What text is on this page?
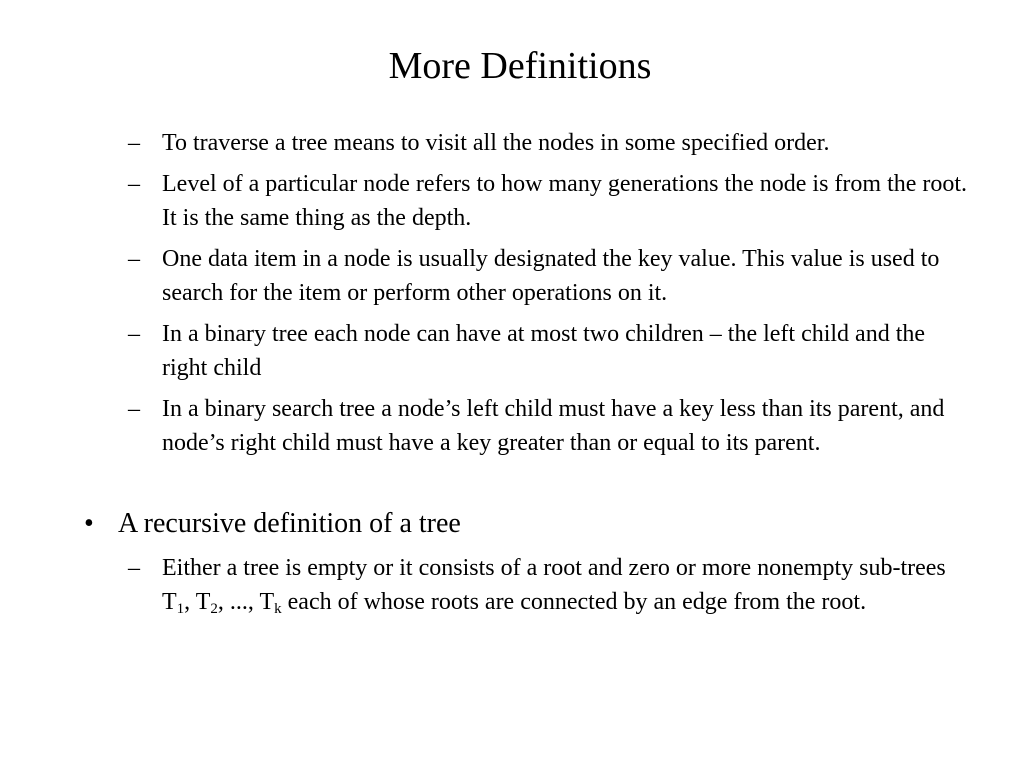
More Definitions
– To traverse a tree means to visit all the nodes in some specified order.
– Level of a particular node refers to how many generations the node is from the root. It is the same thing as the depth.
– One data item in a node is usually designated the key value. This value is used to search for the item or perform other operations on it.
– In a binary tree each node can have at most two children – the left child and the right child
– In a binary search tree a node’s left child must have a key less than its parent, and node’s right child must have a key greater than or equal to its parent.
• A recursive definition of a tree
– Either a tree is empty or it consists of a root and zero or more nonempty sub-trees $T_1$, $T_2$, ..., $T_k$ each of whose roots are connected by an edge from the root.
